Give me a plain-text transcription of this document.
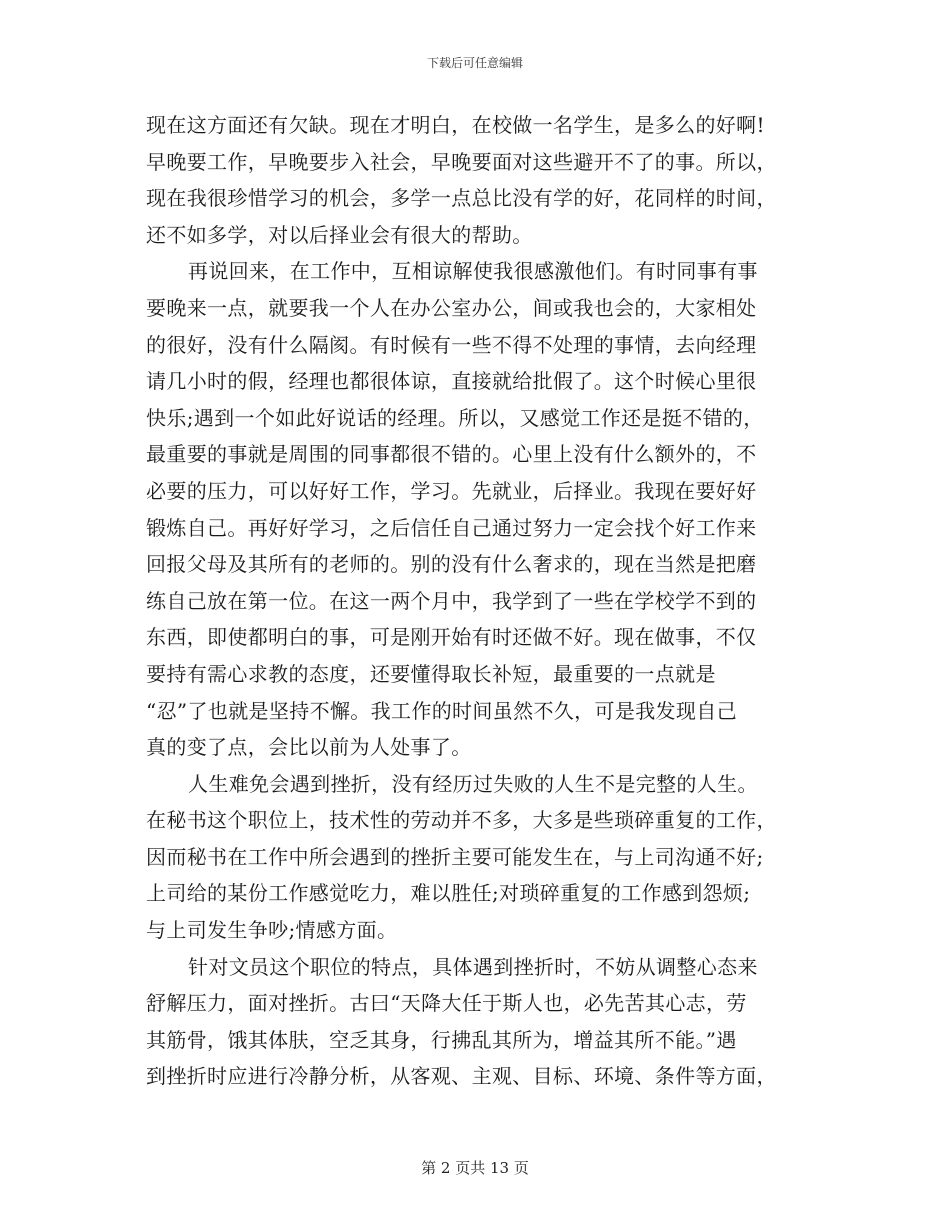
下载后可任意编辑
现在这方面还有欠缺。现在才明白，在校做一名学生，是多么的好啊!
早晚要工作，早晚要步入社会，早晚要面对这些避开不了的事。所以，
现在我很珍惜学习的机会，多学一点总比没有学的好，花同样的时间，
还不如多学，对以后择业会有很大的帮助。
再说回来，在工作中，互相谅解使我很感激他们。有时同事有事
要晚来一点，就要我一个人在办公室办公，间或我也会的，大家相处
的很好，没有什么隔阂。有时候有一些不得不处理的事情，去向经理
请几小时的假，经理也都很体谅，直接就给批假了。这个时候心里很
快乐;遇到一个如此好说话的经理。所以，又感觉工作还是挺不错的，
最重要的事就是周围的同事都很不错的。心里上没有什么额外的，不
必要的压力，可以好好工作，学习。先就业，后择业。我现在要好好
锻炼自己。再好好学习，之后信任自己通过努力一定会找个好工作来
回报父母及其所有的老师的。别的没有什么奢求的，现在当然是把磨
练自己放在第一位。在这一两个月中，我学到了一些在学校学不到的
东西，即使都明白的事，可是刚开始有时还做不好。现在做事，不仅
要持有需心求教的态度，还要懂得取长补短，最重要的一点就是
“忍”了也就是坚持不懈。我工作的时间虽然不久，可是我发现自己
真的变了点，会比以前为人处事了。
人生难免会遇到挫折，没有经历过失败的人生不是完整的人生。
在秘书这个职位上，技术性的劳动并不多，大多是些琐碎重复的工作，
因而秘书在工作中所会遇到的挫折主要可能发生在，与上司沟通不好;
上司给的某份工作感觉吃力，难以胜任;对琐碎重复的工作感到怨烦;
与上司发生争吵;情感方面。
针对文员这个职位的特点，具体遇到挫折时，不妨从调整心态来
舒解压力，面对挫折。古曰“天降大任于斯人也，必先苦其心志，劳
其筋骨，饿其体肤，空乏其身，行拂乱其所为，增益其所不能。”遇
到挫折时应进行冷静分析，从客观、主观、目标、环境、条件等方面，
第 2 页共 13 页
